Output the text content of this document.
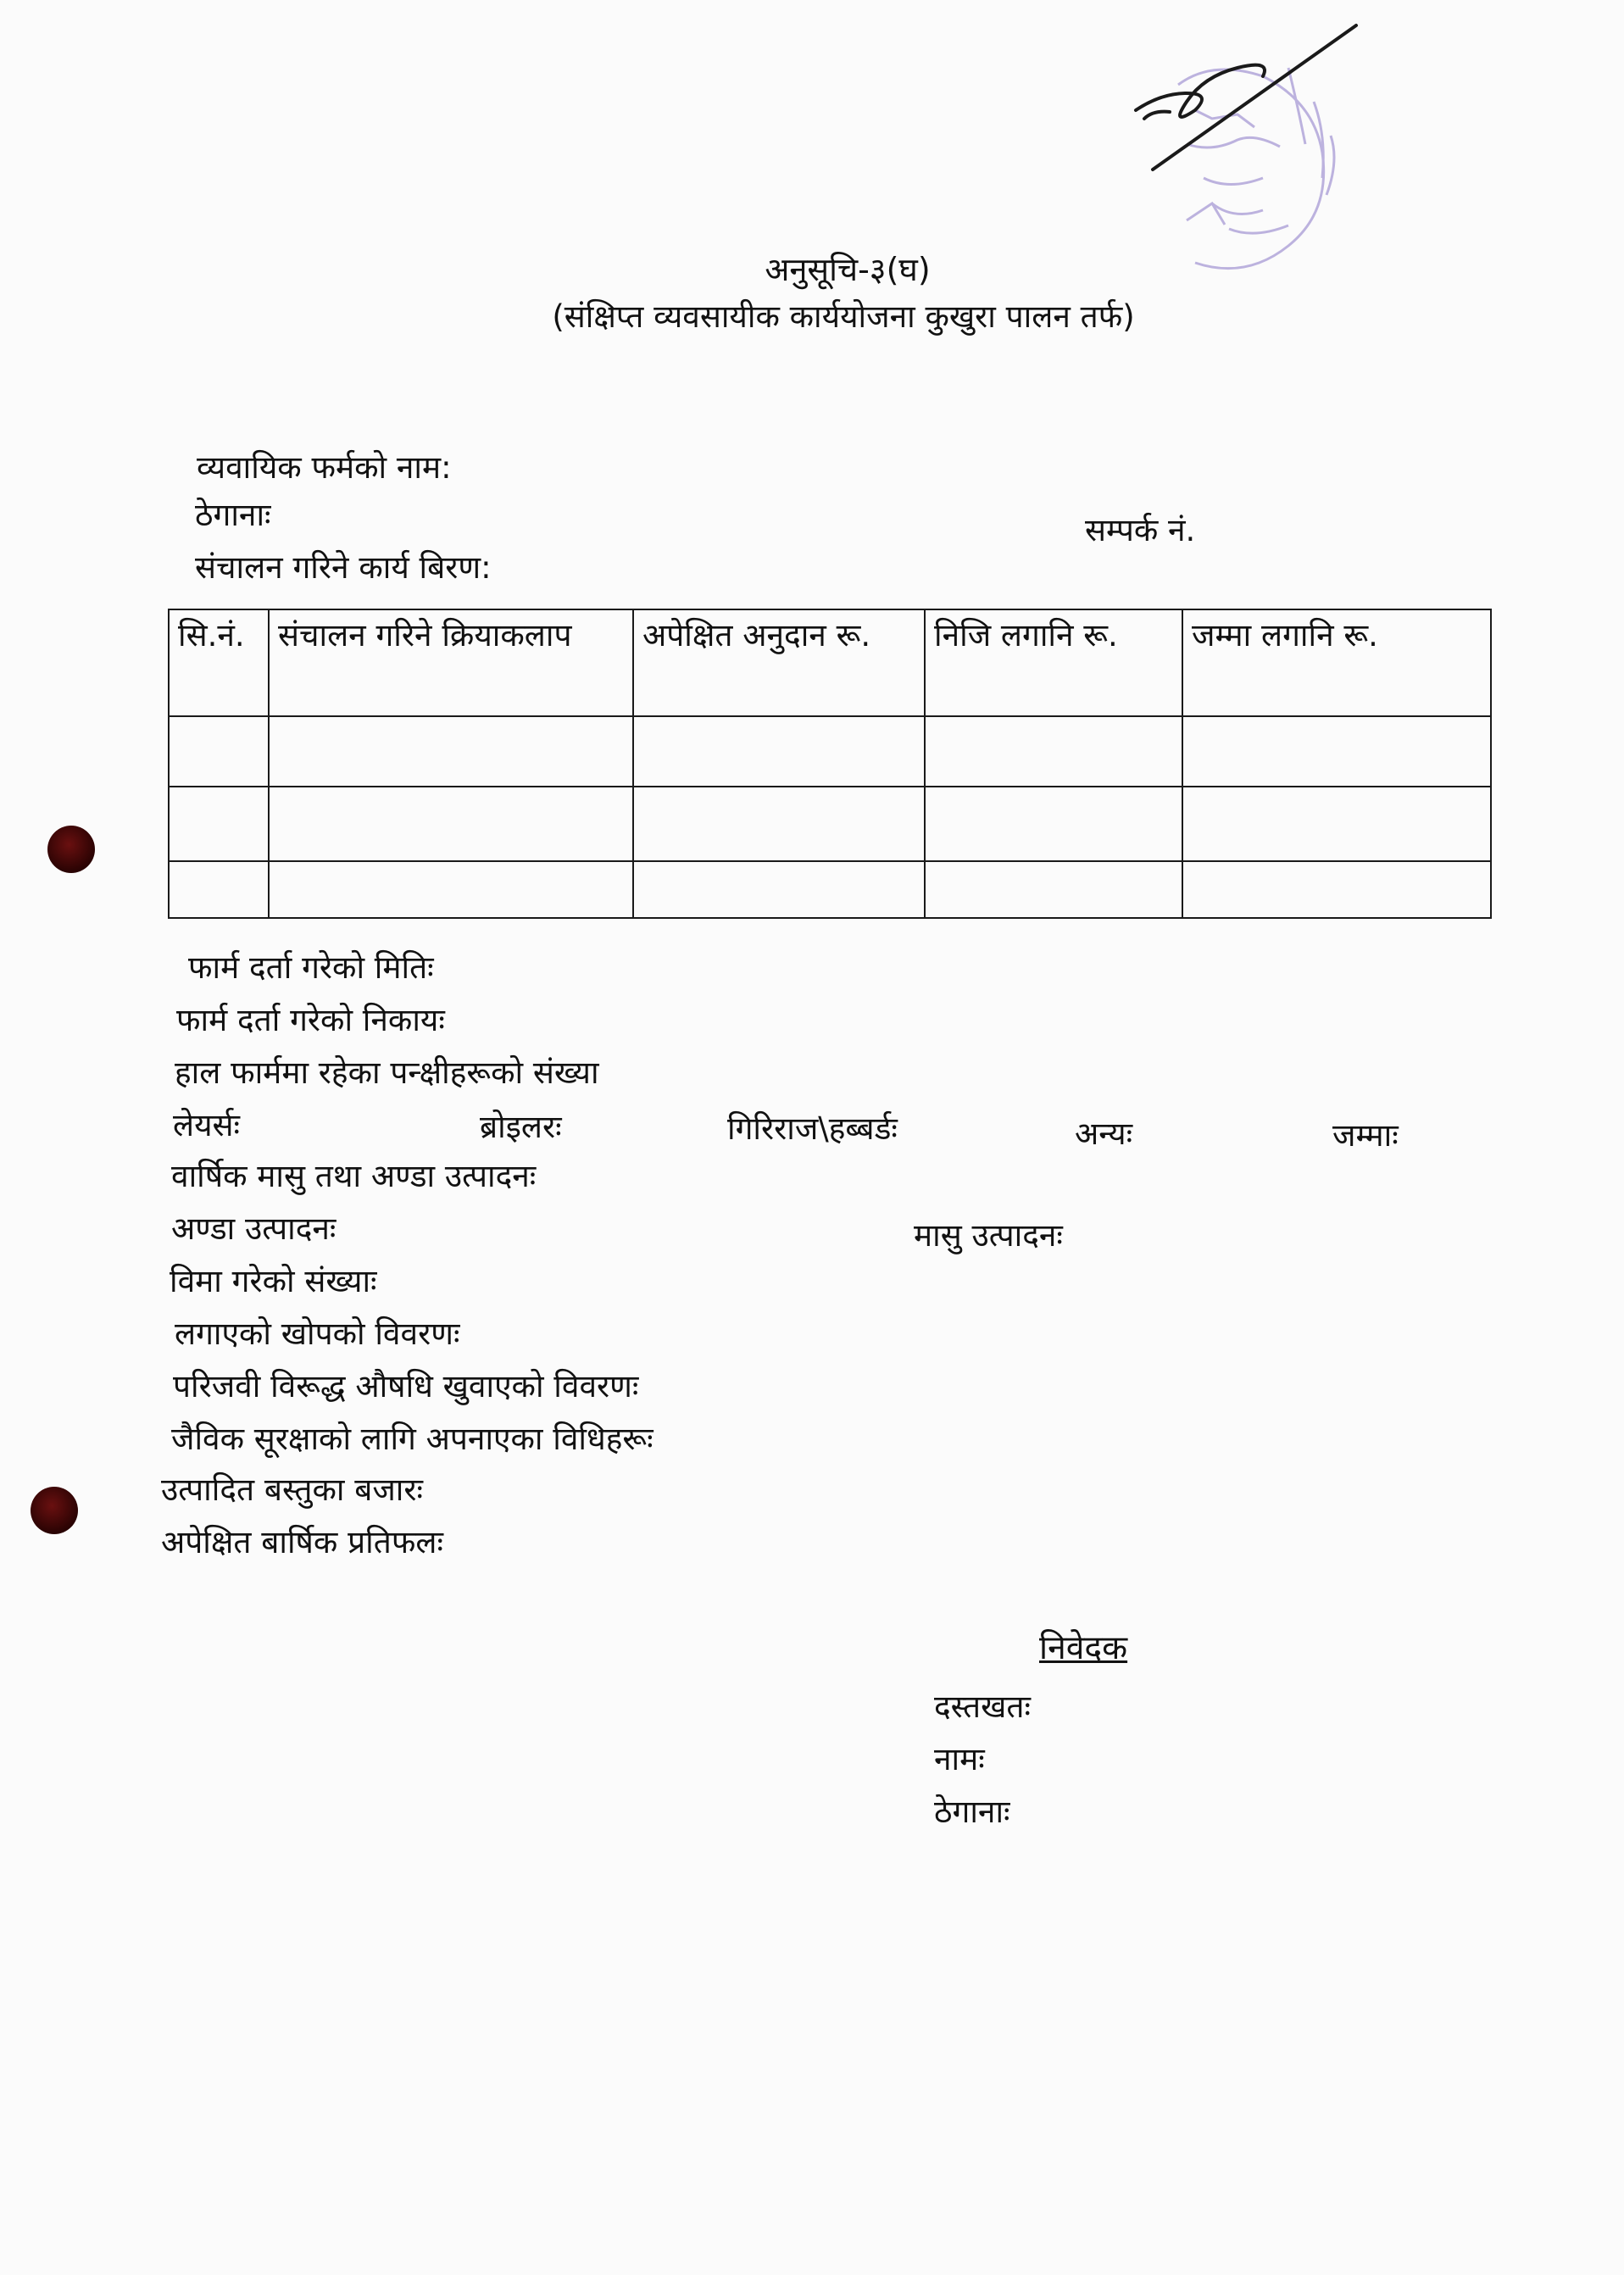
अनुसूचि-३(घ)
(संक्षिप्त व्यवसायीक कार्ययोजना कुखुरा पालन तर्फ)
व्यवायिक फर्मको नाम:
ठेगानाः	सम्पर्क नं.
संचालन गरिने कार्य बिरण:
सि.नं.	संचालन गरिने क्रियाकलाप	अपेक्षित अनुदान रू.	निजि लगानि रू.	जम्मा लगानि रू.

फार्म दर्ता गरेको मितिः
फार्म दर्ता गरेको निकायः
हाल फार्ममा रहेका पन्क्षीहरूको संख्या
लेयर्सः	ब्रोइलरः	गिरिराज\हब्बर्डः	अन्यः	जम्माः
वार्षिक मासु तथा अण्डा उत्पादनः
अण्डा उत्पादनः	मासु उत्पादनः
विमा गरेको संख्याः
लगाएको खोपको विवरणः
परिजवी विरूद्ध औषधि खुवाएको विवरणः
जैविक सूरक्षाको लागि अपनाएका विधिहरूः
उत्पादित बस्तुका बजारः
अपेक्षित बार्षिक प्रतिफलः
निवेदक
दस्तखतः
नामः
ठेगानाः
